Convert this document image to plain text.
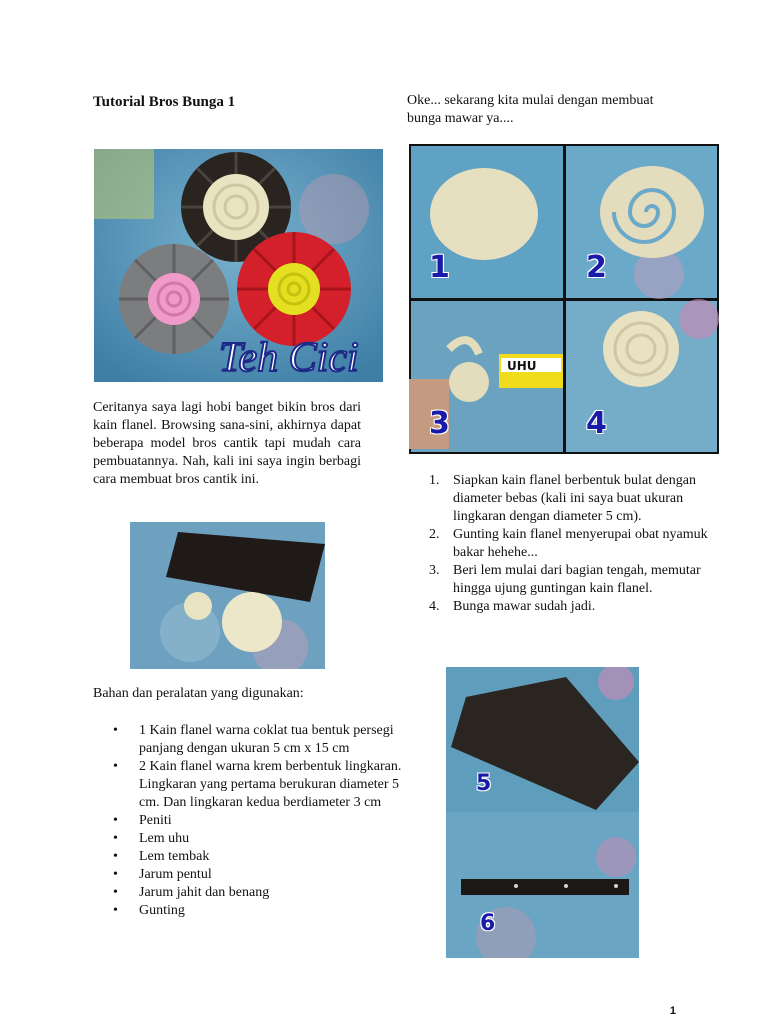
Tutorial Bros Bunga 1	Oke... sekarang kita mulai dengan membuat bunga mawar ya....
Teh Cici
Ceritanya saya lagi hobi banget bikin bros dari kain flanel. Browsing sana-sini, akhirnya dapat beberapa model bros cantik tapi mudah cara pembuatannya. Nah, kali ini saya ingin berbagi cara membuat bros cantik ini.
Bahan dan peralatan yang digunakan:
• 1 Kain flanel warna coklat tua bentuk persegi panjang dengan ukuran 5 cm x 15 cm
• 2 Kain flanel warna krem berbentuk lingkaran. Lingkaran yang pertama berukuran diameter 5 cm. Dan lingkaran kedua berdiameter 3 cm
• Peniti
• Lem uhu
• Lem tembak
• Jarum pentul
• Jarum jahit dan benang
• Gunting
UHU
1	2
3	4
1. Siapkan kain flanel berbentuk bulat dengan diameter bebas (kali ini saya buat ukuran lingkaran dengan diameter 5 cm).
2. Gunting kain flanel menyerupai obat nyamuk bakar hehehe...
3. Beri lem mulai dari bagian tengah, memutar hingga ujung guntingan kain flanel.
4. Bunga mawar sudah jadi.
5
6
1
